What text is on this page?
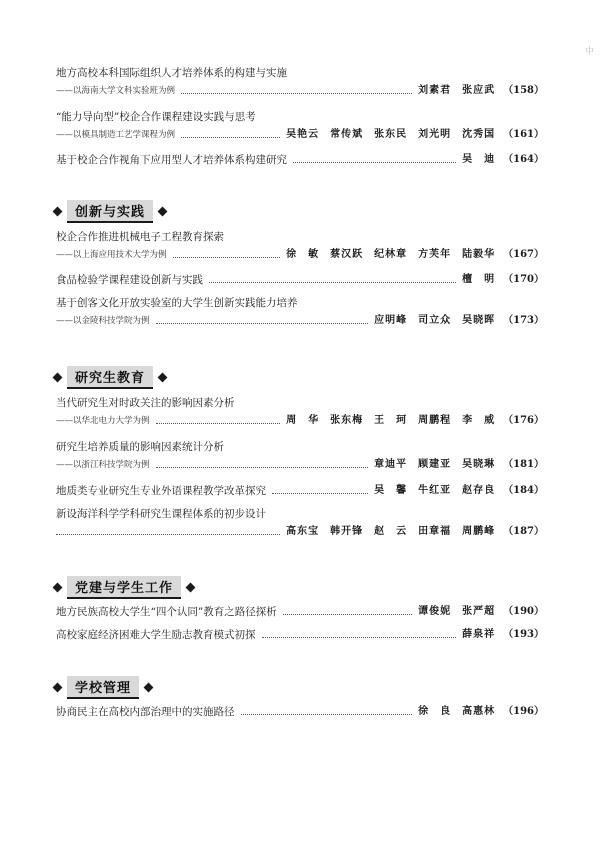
中
地方高校本科国际组织人才培养体系的构建与实施
——以海南大学文科实验班为例	刘素君　张应武 （158）
“能力导向型”校企合作课程建设实践与思考
——以模具制造工艺学课程为例	吴艳云　常传斌　张东民　刘光明　沈秀国 （161）
基于校企合作视角下应用型人才培养体系构建研究	吴　迪 （164）
创新与实践
校企合作推进机械电子工程教育探索
——以上海应用技术大学为例	徐　敏　蔡汉跃　纪林章　方芙年　陆毅华 （167）
食品检验学课程建设创新与实践	檀　明 （170）
基于创客文化开放实验室的大学生创新实践能力培养
——以金陵科技学院为例	应明峰　司立众　吴晓晖 （173）
研究生教育
当代研究生对时政关注的影响因素分析
——以华北电力大学为例	周　华　张东梅　王　珂　周鹏程　李　威 （176）
研究生培养质量的影响因素统计分析
——以浙江科技学院为例	章迪平　顾建亚　吴晓琳 （181）
地质类专业研究生专业外语课程教学改革探究	吴　馨　牛红亚　赵存良 （184）
新设海洋科学学科研究生课程体系的初步设计
高东宝　韩开锋　赵　云　田章福　周鹏峰 （187）
党建与学生工作
地方民族高校大学生“四个认同”教育之路径探析	谭俊妮　张严超 （190）
高校家庭经济困难大学生励志教育模式初探	薛泉祥 （193）
学校管理
协商民主在高校内部治理中的实施路径	徐　良　高惠林 （196）
